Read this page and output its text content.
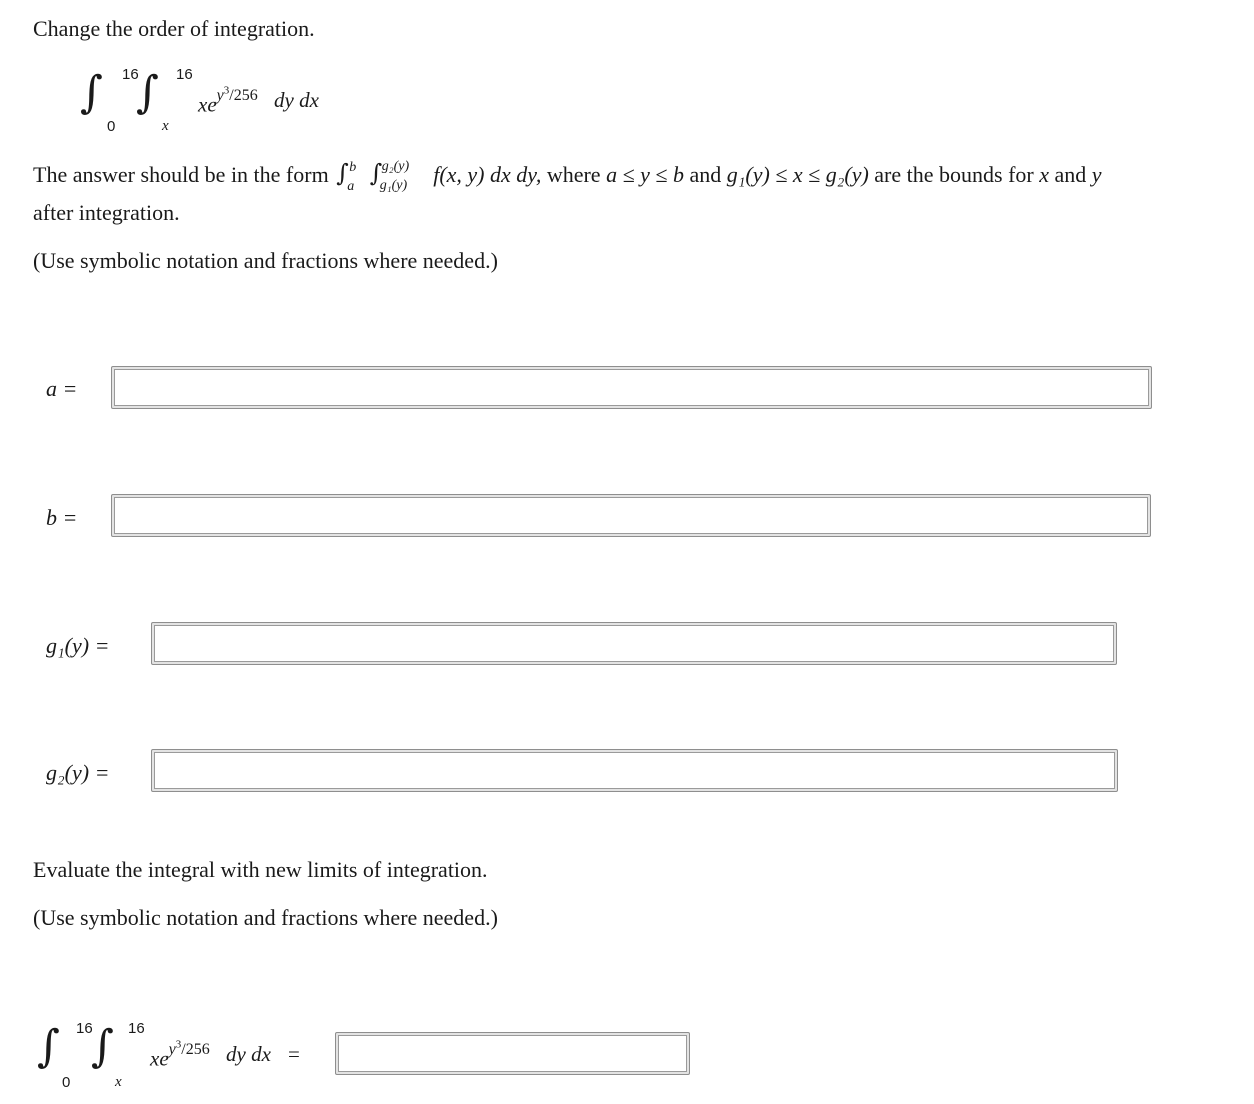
Change the order of integration.
∫ 16
0
∫ 16
x
$xe^{y^3/256}$ dy dx
The answer should be in the form ∫ b
a
∫ g₂(y)
g₁(y) f(x, y) dx dy, where a ≤ y ≤ b and g₁(y) ≤ x ≤ g₂(y) are the bounds for x and y
after integration.
(Use symbolic notation and fractions where needed.)
a =
b =
g₁(y) =
g₂(y) =
Evaluate the integral with new limits of integration.
(Use symbolic notation and fractions where needed.)
∫ 16
0
∫ 16
x
$xe^{y^3/256}$ dy dx =
